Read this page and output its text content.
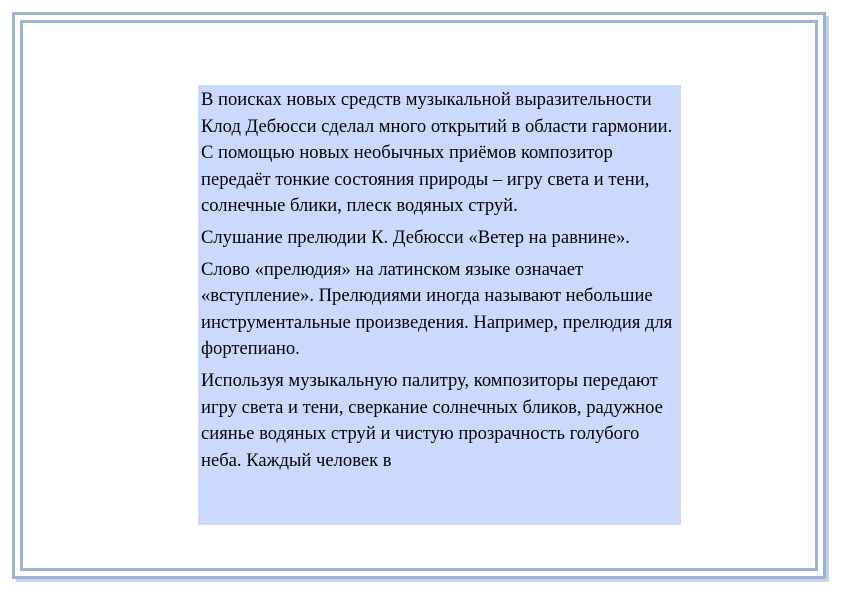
В поисках новых средств музыкальной выразительности Клод Дебюсси сделал много открытий в области гармонии. С помощью новых необычных приёмов композитор передаёт тонкие состояния природы – игру света и тени, солнечные блики, плеск водяных струй.

Слушание прелюдии К. Дебюсси «Ветер на равнине».

Слово «прелюдия» на латинском языке означает «вступление». Прелюдиями иногда называют небольшие инструментальные произведения. Например, прелюдия для фортепиано.

Используя музыкальную палитру, композиторы передают игру света и тени, сверкание солнечных бликов, радужное сиянье водяных струй и чистую прозрачность голубого неба. Каждый человек в
